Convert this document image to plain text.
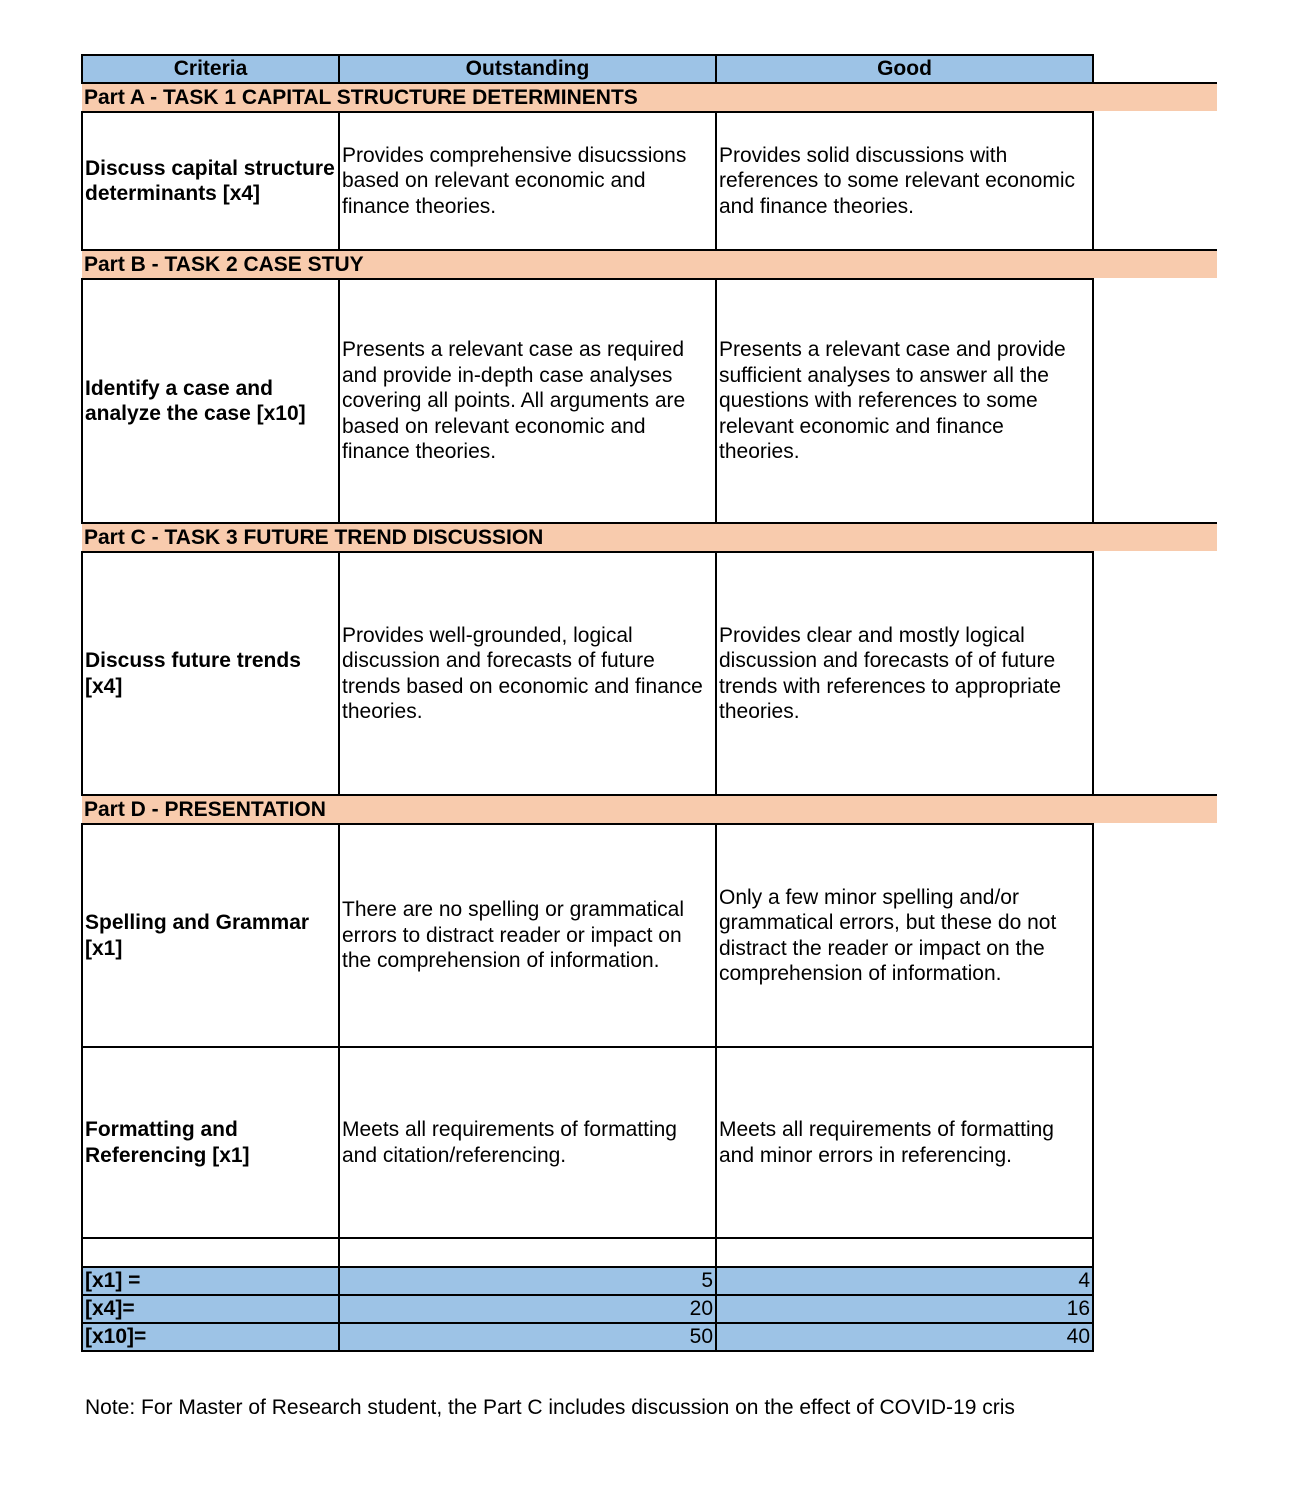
Criteria	Outstanding	Good	
Part A - TASK 1 CAPITAL STRUCTURE DETERMINENTS			
Discuss capital structure determinants [x4]	Provides comprehensive disucssions based on relevant economic and finance theories.	Provides solid discussions with references to some relevant economic and finance theories.	
Part B - TASK 2 CASE STUY			
Identify a case and analyze the case [x10]	Presents a relevant case as required and provide in-depth case analyses covering all points. All arguments are based on relevant economic and finance theories.	Presents a relevant case and provide sufficient analyses to answer all the questions with references to some relevant economic and finance theories.	
Part C - TASK 3 FUTURE TREND DISCUSSION			
Discuss future trends [x4]	Provides well-grounded, logical discussion and forecasts of future trends based on economic and finance theories.	Provides clear and mostly logical discussion and forecasts of of future trends with references to appropriate theories.	
Part D - PRESENTATION			
Spelling and Grammar [x1]	There are no spelling or grammatical errors to distract reader or impact on the comprehension of information.	Only a few minor spelling and/or grammatical errors, but these do not distract the reader or impact on the comprehension of information.	
Formatting and Referencing [x1]	Meets all requirements of formatting and citation/referencing.	Meets all requirements of formatting and minor errors in referencing.	

[x1] =	5	4	
[x4]=	20	16	
[x10]=	50	40	
Note: For Master of Research student, the Part C includes discussion on the effect of COVID-19 cris
